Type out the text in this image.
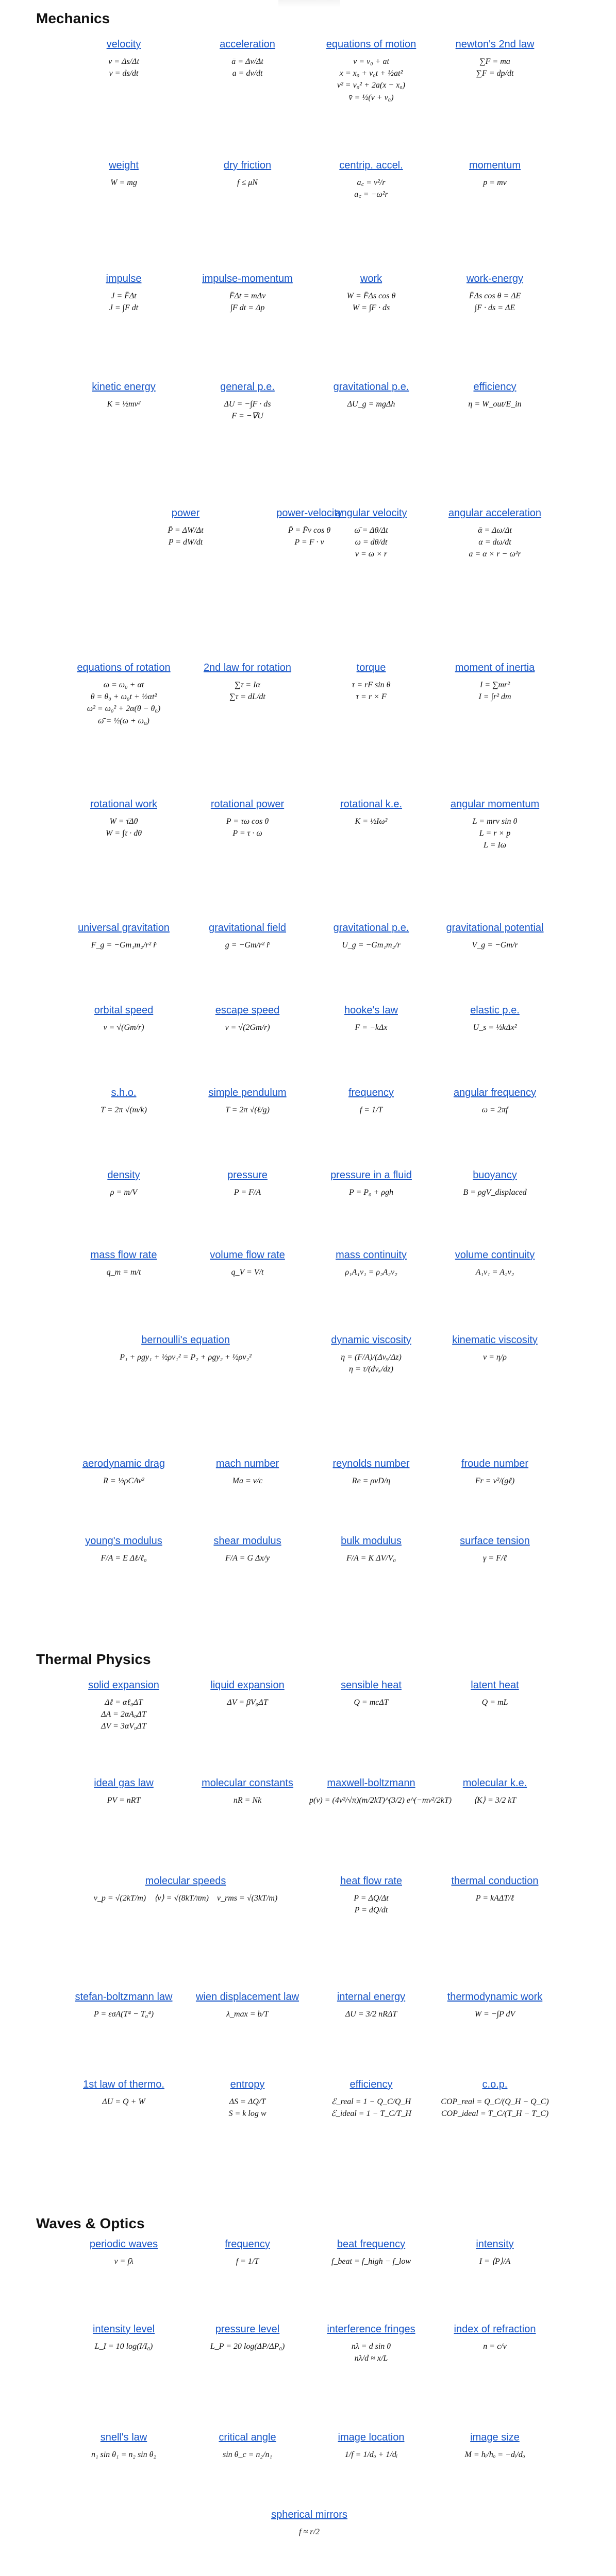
Mechanics
velocity
v = Δs/Δt
v = ds/dt
acceleration
ā = Δv/Δt
a = dv/dt
equations of motion
v = v₀ + at
x = x₀ + v₀t + ½at²
v² = v₀² + 2a(x − x₀)
v̄ = ½(v + v₀)
newton's 2nd law
∑F = ma
∑F = dp/dt
weight
W = mg
dry friction
f ≤ μN
centrip. accel.
a꜀ = v²/r
a꜀ = −ω²r
momentum
p = mv
impulse
J = F̄Δt
J = ∫F dt
impulse-momentum
F̄Δt = mΔv
∫F dt = Δp
work
W = F̄Δs cos θ
W = ∫F · ds
work-energy
F̄Δs cos θ = ΔE
∫F · ds = ΔE
kinetic energy
K = ½mv²
general p.e.
ΔU = −∫F · ds
F = −∇U
gravitational p.e.
ΔU_g = mgΔh
efficiency
η = W_out/E_in
power
P̄ = ΔW/Δt
P = dW/dt
power-velocity
P̄ = F̄v cos θ
P = F · v
angular velocity
ω̄ = Δθ/Δt
ω = dθ/dt
v = ω × r
angular acceleration
ᾱ = Δω/Δt
α = dω/dt
a = α × r − ω²r
equations of rotation
ω = ω₀ + αt
θ = θ₀ + ω₀t + ½αt²
ω² = ω₀² + 2α(θ − θ₀)
ω̄ = ½(ω + ω₀)
2nd law for rotation
∑τ = Iα
∑τ = dL/dt
torque
τ = rF sin θ
τ = r × F
moment of inertia
I = ∑mr²
I = ∫r² dm
rotational work
W = τ̄Δθ
W = ∫τ · dθ
rotational power
P = τω cos θ
P = τ · ω
rotational k.e.
K = ½Iω²
angular momentum
L = mrv sin θ
L = r × p
L = Iω
universal gravitation
F_g = −Gm₁m₂/r² r̂
gravitational field
g = −Gm/r² r̂
gravitational p.e.
U_g = −Gm₁m₂/r
gravitational potential
V_g = −Gm/r
orbital speed
v = √(Gm/r)
escape speed
v = √(2Gm/r)
hooke's law
F = −kΔx
elastic p.e.
U_s = ½kΔx²
s.h.o.
T = 2π √(m/k)
simple pendulum
T = 2π √(ℓ/g)
frequency
f = 1/T
angular frequency
ω = 2πf
density
ρ = m/V
pressure
P = F/A
pressure in a fluid
P = P₀ + ρgh
buoyancy
B = ρgV_displaced
mass flow rate
q_m = m/t
volume flow rate
q_V = V/t
mass continuity
ρ₁A₁v₁ = ρ₂A₂v₂
volume continuity
A₁v₁ = A₂v₂
bernoulli's equation
P₁ + ρgy₁ + ½ρv₁² = P₂ + ρgy₂ + ½ρv₂²
dynamic viscosity
η = (F/A)/(Δvₓ/Δz)
η = τ/(dvₓ/dz)
kinematic viscosity
ν = η/ρ
aerodynamic drag
R = ½ρCAv²
mach number
Ma = v/c
reynolds number
Re = ρvD/η
froude number
Fr = v²/(gℓ)
young's modulus
F/A = E Δℓ/ℓ₀
shear modulus
F/A = G Δx/y
bulk modulus
F/A = K ΔV/V₀
surface tension
γ = F/ℓ
Thermal Physics
solid expansion
Δℓ = αℓ₀ΔT
ΔA = 2αA₀ΔT
ΔV = 3αV₀ΔT
liquid expansion
ΔV = βV₀ΔT
sensible heat
Q = mcΔT
latent heat
Q = mL
ideal gas law
PV = nRT
molecular constants
nR = Nk
maxwell-boltzmann
p(v) = (4v²/√π)(m/2kT)^(3/2) e^(−mv²/2kT)
molecular k.e.
⟨K⟩ = 3/2 kT
molecular speeds
v_p = √(2kT/m)    ⟨v⟩ = √(8kT/πm)    v_rms = √(3kT/m)
heat flow rate
P = ΔQ/Δt
P = dQ/dt
thermal conduction
P = kAΔT/ℓ
stefan-boltzmann law
P = εσA(T⁴ − T₀⁴)
wien displacement law
λ_max = b/T
internal energy
ΔU = 3/2 nRΔT
thermodynamic work
W = −∫P dV
1st law of thermo.
ΔU = Q + W
entropy
ΔS = ΔQ/T
S = k log w
efficiency
ℰ_real = 1 − Q_C/Q_H
ℰ_ideal = 1 − T_C/T_H
c.o.p.
COP_real = Q_C/(Q_H − Q_C)
COP_ideal = T_C/(T_H − T_C)
Waves & Optics
periodic waves
v = fλ
frequency
f = 1/T
beat frequency
f_beat = f_high − f_low
intensity
I = ⟨P⟩/A
intensity level
L_I = 10 log(I/I₀)
pressure level
L_P = 20 log(ΔP/ΔP₀)
interference fringes
nλ = d sin θ
nλ/d ≈ x/L
index of refraction
n = c/v
snell's law
n₁ sin θ₁ = n₂ sin θ₂
critical angle
sin θ_c = n₂/n₁
image location
1/f = 1/dₒ + 1/dᵢ
image size
M = hᵢ/hₒ = −dᵢ/dₒ
spherical mirrors
f ≈ r/2
